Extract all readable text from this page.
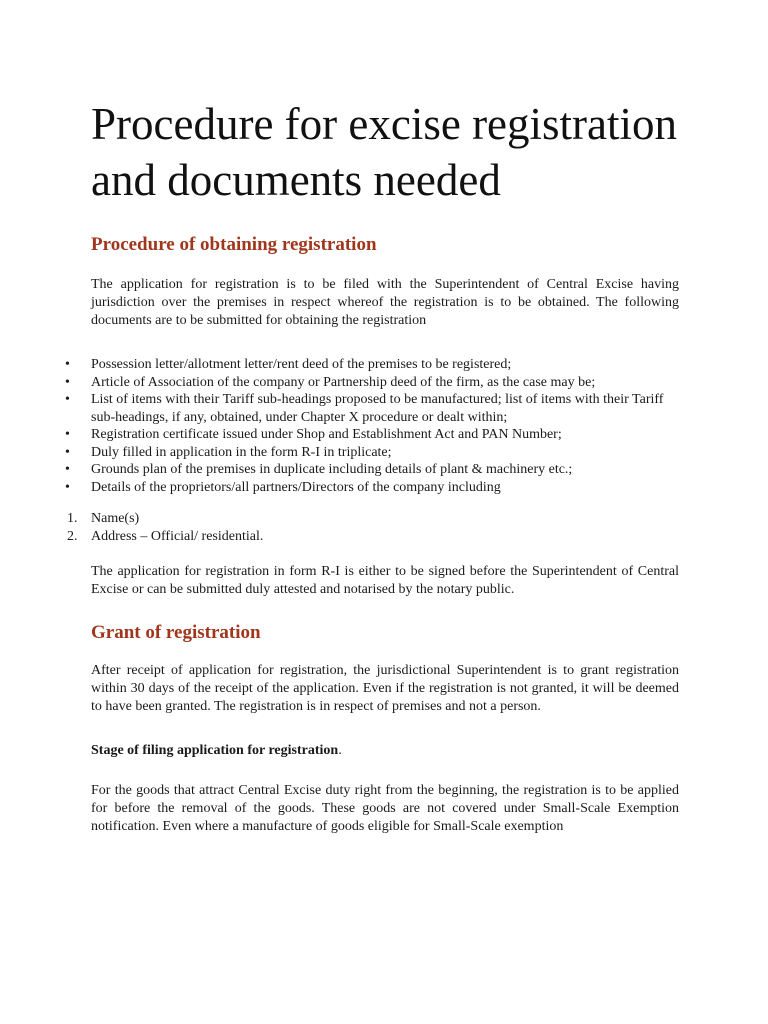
Procedure for excise registration and documents needed
Procedure of obtaining registration

The application for registration is to be filed with the Superintendent of Central Excise having jurisdiction over the premises in respect whereof the registration is to be obtained. The following documents are to be submitted for obtaining the registration

• Possession letter/allotment letter/rent deed of the premises to be registered;
• Article of Association of the company or Partnership deed of the firm, as the case may be;
• List of items with their Tariff sub-headings proposed to be manufactured; list of items with their Tariff sub-headings, if any, obtained, under Chapter X procedure or dealt within;
• Registration certificate issued under Shop and Establishment Act and PAN Number;
• Duly filled in application in the form R-I in triplicate;
• Grounds plan of the premises in duplicate including details of plant & machinery etc.;
• Details of the proprietors/all partners/Directors of the company including
1. Name(s)
2. Address – Official/ residential.

The application for registration in form R-I is either to be signed before the Superintendent of Central Excise or can be submitted duly attested and notarised by the notary public.

Grant of registration

After receipt of application for registration, the jurisdictional Superintendent is to grant registration within 30 days of the receipt of the application. Even if the registration is not granted, it will be deemed to have been granted. The registration is in respect of premises and not a person.

Stage of filing application for registration.

For the goods that attract Central Excise duty right from the beginning, the registration is to be applied for before the removal of the goods. These goods are not covered under Small-Scale Exemption notification. Even where a manufacture of goods eligible for Small-Scale exemption
